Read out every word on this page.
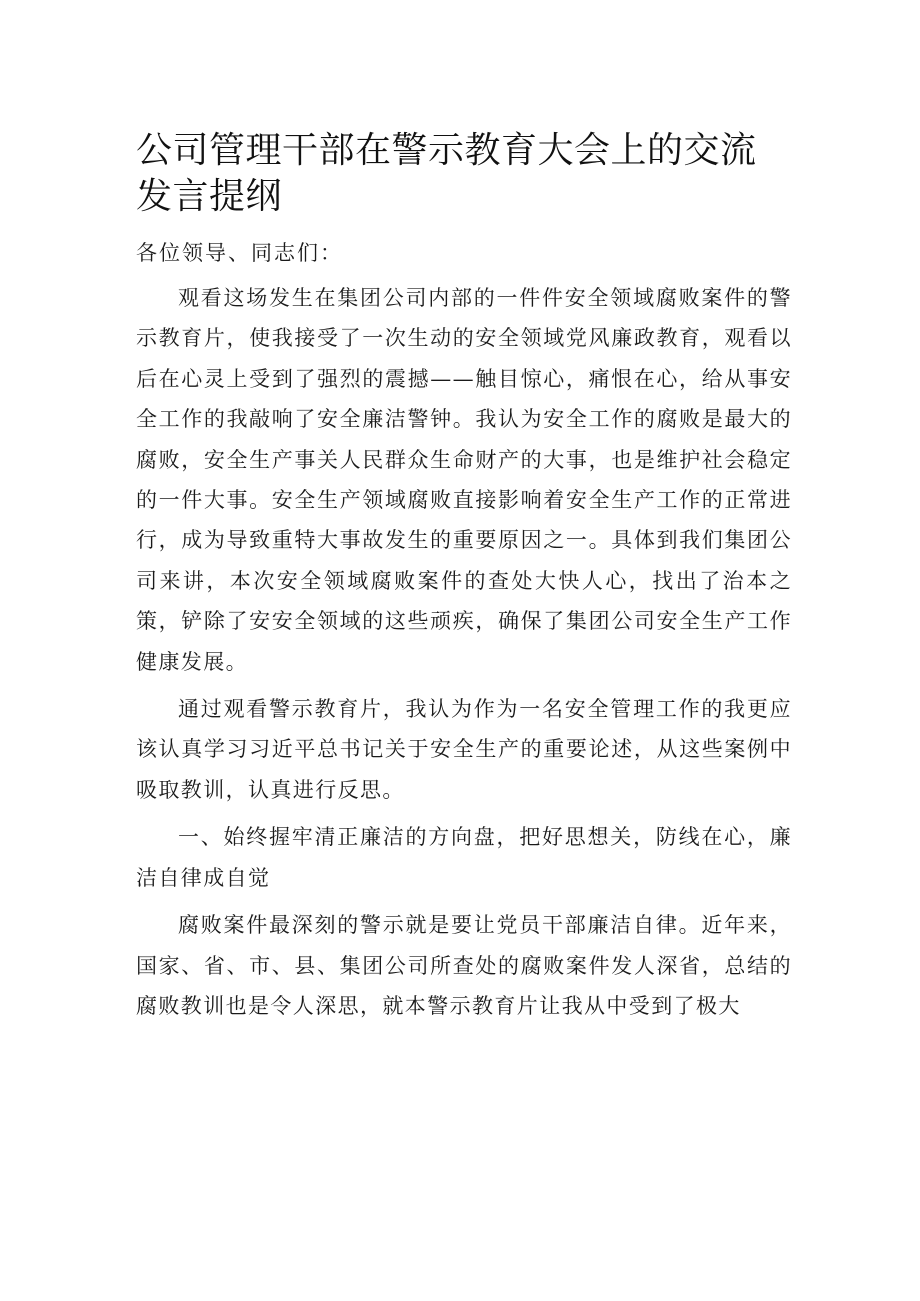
公司管理干部在警示教育大会上的交流发言提纲

各位领导、同志们：

观看这场发生在集团公司内部的一件件安全领域腐败案件的警示教育片，使我接受了一次生动的安全领域党风廉政教育，观看以后在心灵上受到了强烈的震撼——触目惊心，痛恨在心，给从事安全工作的我敲响了安全廉洁警钟。我认为安全工作的腐败是最大的腐败，安全生产事关人民群众生命财产的大事，也是维护社会稳定的一件大事。安全生产领域腐败直接影响着安全生产工作的正常进行，成为导致重特大事故发生的重要原因之一。具体到我们集团公司来讲，本次安全领域腐败案件的查处大快人心，找出了治本之策，铲除了安安全领域的这些顽疾，确保了集团公司安全生产工作健康发展。

通过观看警示教育片，我认为作为一名安全管理工作的我更应该认真学习习近平总书记关于安全生产的重要论述，从这些案例中吸取教训，认真进行反思。

一、始终握牢清正廉洁的方向盘，把好思想关，防线在心，廉洁自律成自觉

腐败案件最深刻的警示就是要让党员干部廉洁自律。近年来，国家、省、市、县、集团公司所查处的腐败案件发人深省，总结的腐败教训也是令人深思，就本警示教育片让我从中受到了极大
